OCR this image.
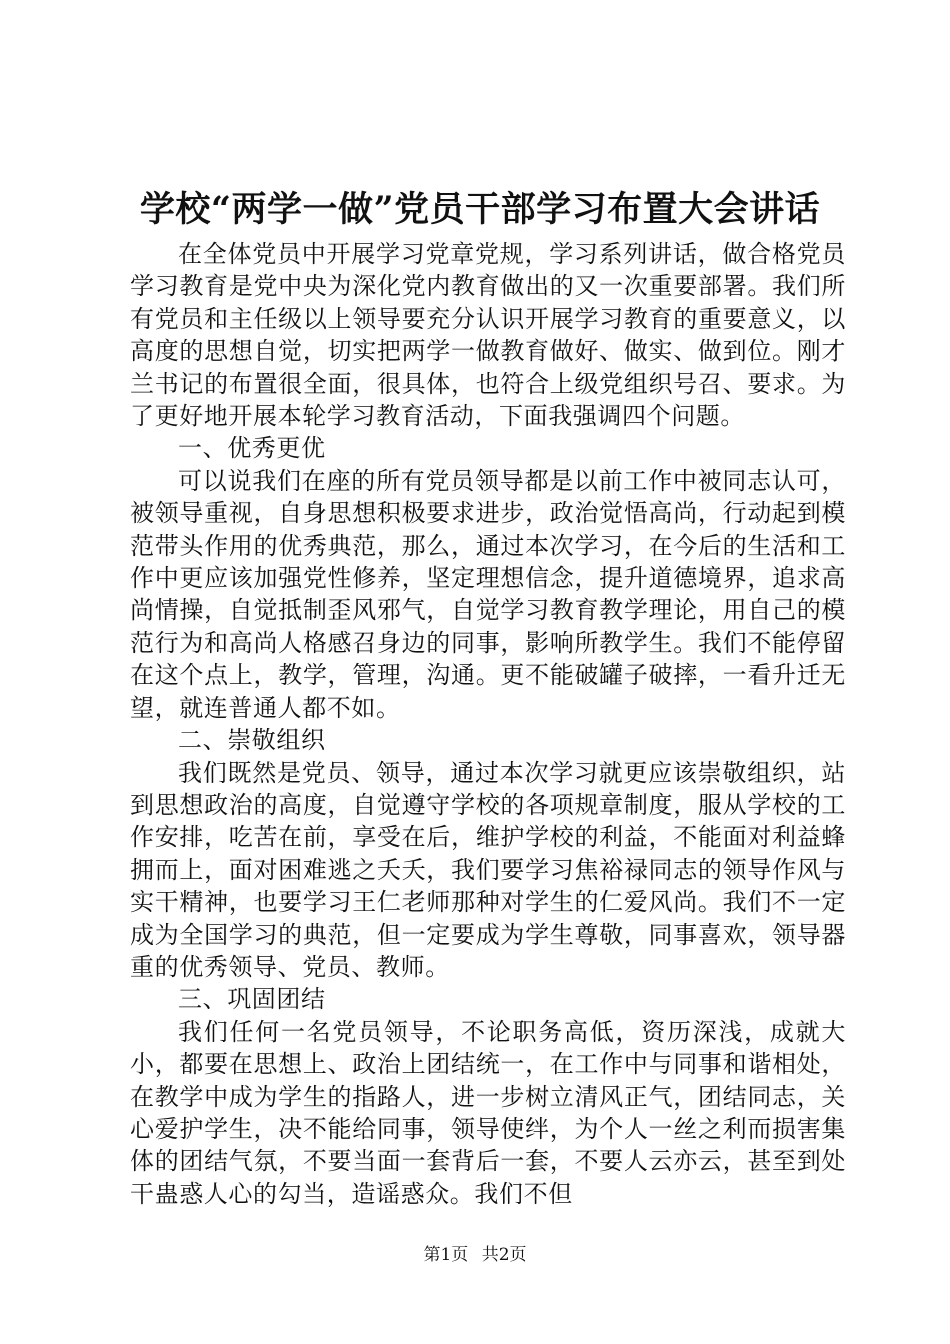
学校“两学一做”党员干部学习布置大会讲话

在全体党员中开展学习党章党规，学习系列讲话，做合格党员学习教育是党中央为深化党内教育做出的又一次重要部署。我们所有党员和主任级以上领导要充分认识开展学习教育的重要意义，以高度的思想自觉，切实把两学一做教育做好、做实、做到位。刚才兰书记的布置很全面，很具体，也符合上级党组织号召、要求。为了更好地开展本轮学习教育活动，下面我强调四个问题。

一、优秀更优

可以说我们在座的所有党员领导都是以前工作中被同志认可，被领导重视，自身思想积极要求进步，政治觉悟高尚，行动起到模范带头作用的优秀典范，那么，通过本次学习，在今后的生活和工作中更应该加强党性修养，坚定理想信念，提升道德境界，追求高尚情操，自觉抵制歪风邪气，自觉学习教育教学理论，用自己的模范行为和高尚人格感召身边的同事，影响所教学生。我们不能停留在这个点上，教学，管理，沟通。更不能破罐子破摔，一看升迁无望，就连普通人都不如。

二、崇敬组织

我们既然是党员、领导，通过本次学习就更应该崇敬组织，站到思想政治的高度，自觉遵守学校的各项规章制度，服从学校的工作安排，吃苦在前，享受在后，维护学校的利益，不能面对利益蜂拥而上，面对困难逃之夭夭，我们要学习焦裕禄同志的领导作风与实干精神，也要学习王仁老师那种对学生的仁爱风尚。我们不一定成为全国学习的典范，但一定要成为学生尊敬，同事喜欢，领导器重的优秀领导、党员、教师。

三、巩固团结

我们任何一名党员领导，不论职务高低，资历深浅，成就大小，都要在思想上、政治上团结统一，在工作中与同事和谐相处，在教学中成为学生的指路人，进一步树立清风正气，团结同志，关心爱护学生，决不能给同事，领导使绊，为个人一丝之利而损害集体的团结气氛，不要当面一套背后一套，不要人云亦云，甚至到处干蛊惑人心的勾当，造谣惑众。我们不但

第1页 共2页
